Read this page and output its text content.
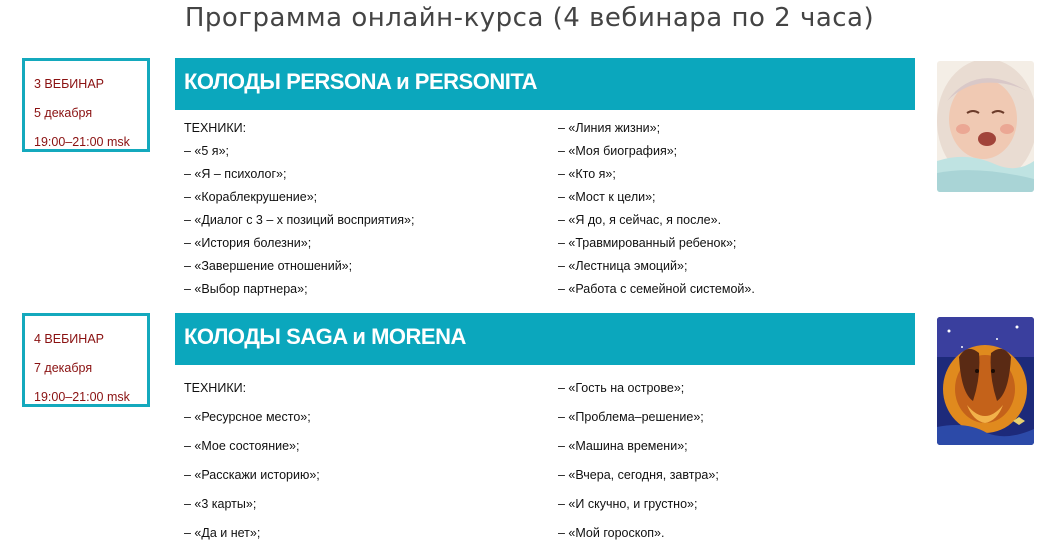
Программа онлайн-курса (4 вебинара по 2 часа)
3 ВЕБИНАР
5 декабря
19:00–21:00 msk
КОЛОДЫ PERSONA и PERSONITA
ТЕХНИКИ:
– «5 я»;
– «Я – психолог»;
– «Кораблекрушение»;
– «Диалог с 3 – х позиций восприятия»;
– «История болезни»;
– «Завершение отношений»;
– «Выбор партнера»;
– «Линия жизни»;
– «Моя биография»;
– «Кто я»;
– «Мост к цели»;
– «Я до, я сейчас, я после».
– «Травмированный ребенок»;
– «Лестница эмоций»;
– «Работа с семейной системой».
4 ВЕБИНАР
7 декабря
19:00–21:00 msk
КОЛОДЫ SAGA и MORENA
ТЕХНИКИ:
– «Ресурсное место»;
– «Мое состояние»;
– «Расскажи историю»;
– «3 карты»;
– «Да и нет»;
– «Гость на острове»;
– «Проблема–решение»;
– «Машина времени»;
– «Вчера, сегодня, завтра»;
– «И скучно, и грустно»;
– «Мой гороскоп».
